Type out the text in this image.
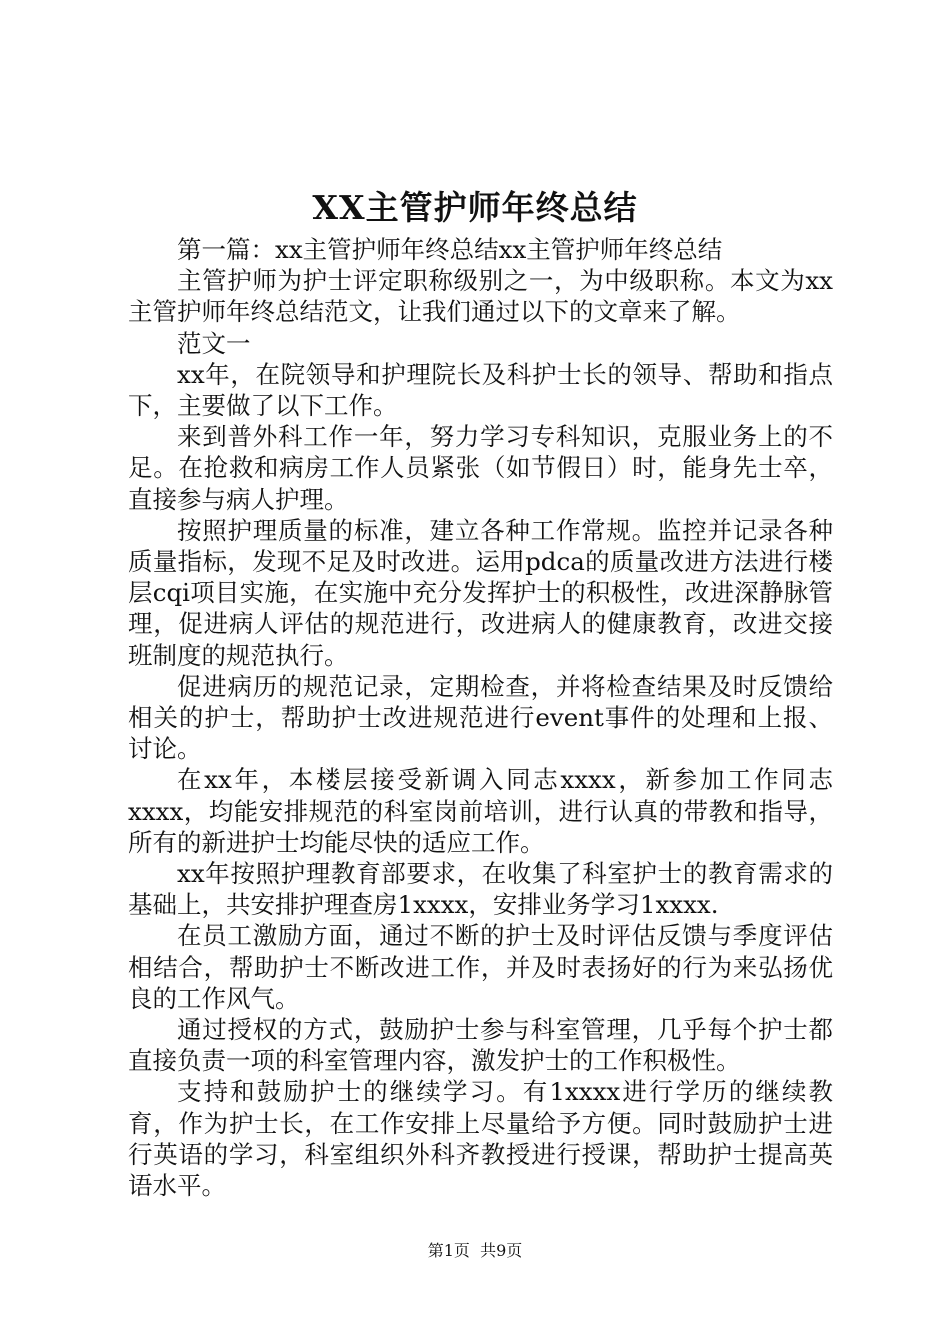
XX主管护师年终总结

第一篇：xx主管护师年终总结xx主管护师年终总结

主管护师为护士评定职称级别之一，为中级职称。本文为xx主管护师年终总结范文，让我们通过以下的文章来了解。

范文一

xx年，在院领导和护理院长及科护士长的领导、帮助和指点下，主要做了以下工作。

来到普外科工作一年，努力学习专科知识，克服业务上的不足。在抢救和病房工作人员紧张（如节假日）时，能身先士卒，直接参与病人护理。

按照护理质量的标准，建立各种工作常规。监控并记录各种质量指标，发现不足及时改进。运用pdca的质量改进方法进行楼层cqi项目实施，在实施中充分发挥护士的积极性，改进深静脉管理，促进病人评估的规范进行，改进病人的健康教育，改进交接班制度的规范执行。

促进病历的规范记录，定期检查，并将检查结果及时反馈给相关的护士，帮助护士改进规范进行event事件的处理和上报、讨论。

在xx年，本楼层接受新调入同志xxxx，新参加工作同志xxxx，均能安排规范的科室岗前培训，进行认真的带教和指导，所有的新进护士均能尽快的适应工作。

xx年按照护理教育部要求，在收集了科室护士的教育需求的基础上，共安排护理查房1xxxx，安排业务学习1xxxx.

在员工激励方面，通过不断的护士及时评估反馈与季度评估相结合，帮助护士不断改进工作，并及时表扬好的行为来弘扬优良的工作风气。

通过授权的方式，鼓励护士参与科室管理，几乎每个护士都直接负责一项的科室管理内容，激发护士的工作积极性。

支持和鼓励护士的继续学习。有1xxxx进行学历的继续教育，作为护士长，在工作安排上尽量给予方便。同时鼓励护士进行英语的学习，科室组织外科齐教授进行授课，帮助护士提高英语水平。

第1页 共9页
